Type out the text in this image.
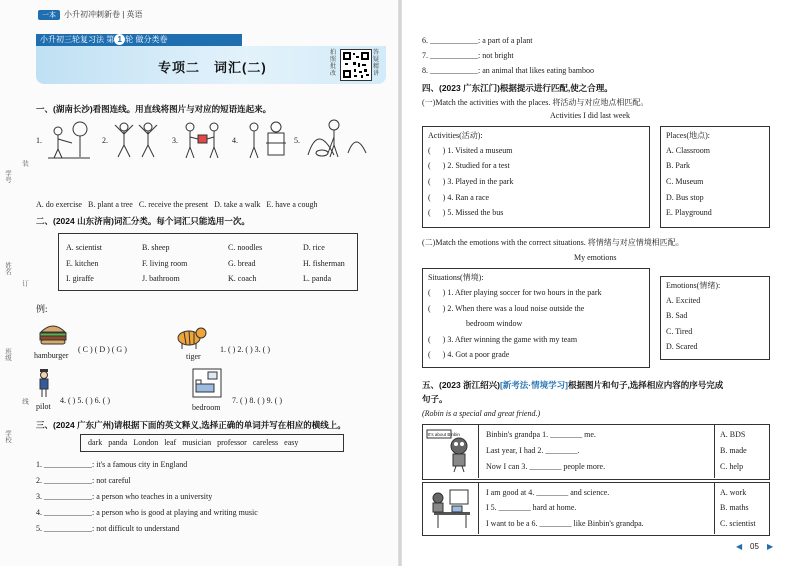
一本 小升初冲刺新卷 | 英语
小升初三轮复习法 第 1 轮 做分类卷
专项二　词汇(二)
拍照批改
答疑精讲
学号
姓名
班级
学校
装
订
线
一、(湖南长沙)看图连线。用直线将图片与对应的短语连起来。
1.	2.	3.	4.	5.
A. do exercise   B. plant a tree   C. receive the present   D. take a walk   E. have a cough
二、(2024 山东济南)词汇分类。每个词汇只能选用一次。
A. scientist	B. sheep	C. noodles	D. rice
E. kitchen	F. living room	G. bread	H. fisherman
I. giraffe	J. bathroom	K. coach	L. panda
例:
hamburger
( C ) ( D ) ( G )
tiger
1. ( ) 2. ( ) 3. ( )
pilot
4. ( ) 5. ( ) 6. ( )
bedroom
7. ( ) 8. ( ) 9. ( )
三、(2024 广东广州)请根据下面的英文释义,选择正确的单词并写在相应的横线上。
dark   panda   London   leaf   musician   professor   careless   easy
1. ____________: it's a famous city in England
2. ____________: not careful
3. ____________: a person who teaches in a university
4. ____________: a person who is good at playing and writing music
5. ____________: not difficult to understand
6. ____________: a part of a plant
7. ____________: not bright
8. ____________: an animal that likes eating bamboo
四、(2023 广东江门)根据提示进行匹配,使之合理。
(一)Match the activities with the places. 将活动与对应地点相匹配。
Activities I did last week
Activities(活动):
(      ) 1. Visited a museum
(      ) 2. Studied for a test
(      ) 3. Played in the park
(      ) 4. Ran a race
(      ) 5. Missed the bus
Places(地点):
A. Classroom
B. Park
C. Museum
D. Bus stop
E. Playground
(二)Match the emotions with the correct situations. 将情绪与对应情境相匹配。
My emotions
Situations(情境):
(      ) 1. After playing soccer for two hours in the park
(      ) 2. When there was a loud noise outside the
bedroom window
(      ) 3. After winning the game with my team
(      ) 4. Got a poor grade
Emotions(情绪):
A. Excited
B. Sad
C. Tired
D. Scared
五、(2023 浙江绍兴)[新考法·情境学习]根据图片和句子,选择相应内容的序号完成
句子。
(Robin is a special and great friend.)
It's about Binbin	Binbin's grandpa 1. ________ me.
Last year, I had 2. ________.
Now I can 3. ________ people more.
A. BDS
B. made
C. help
I am good at 4. ________ and science.
I 5. ________ hard at home.
I want to be a 6. ________ like Binbin's grandpa.
A. work
B. maths
C. scientist
◀ 05 ▶
